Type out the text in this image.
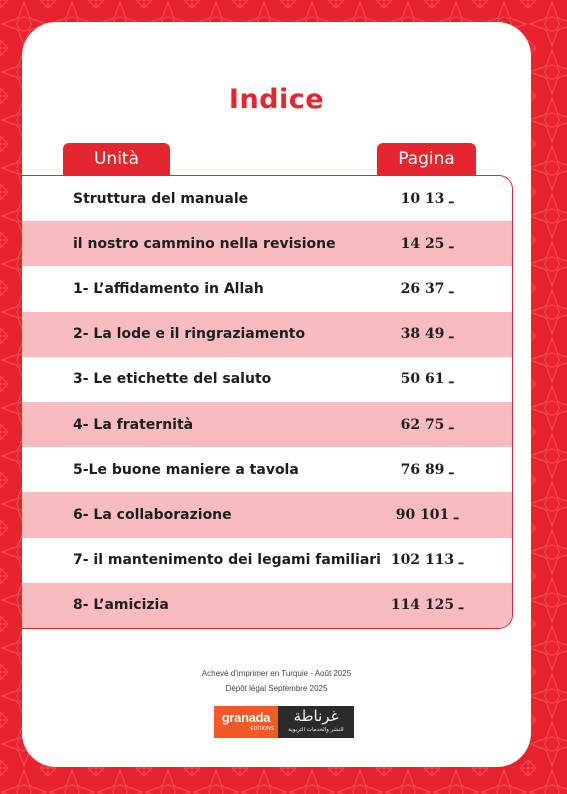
Indice
Unità	Pagina
Struttura del manuale	10 ـ 13
il nostro cammino nella revisione	14 ـ 25
1- L’affidamento in Allah	26 ـ 37
2- La lode e il ringraziamento	38 ـ 49
3- Le etichette del saluto	50 ـ 61
4- La fraternità	62 ـ 75
5-Le buone maniere a tavola	76 ـ 89
6- La collaborazione	90 ـ 101
7- il mantenimento dei legami familiari 102 ـ 113
8- L’amicizia	114 ـ 125
Achevé d’imprimer en Turquie - Août 2025
Dépôt légal Septembre 2025
granada
EDITIONS
غرناطة
للنشر والخدمات التربوية
